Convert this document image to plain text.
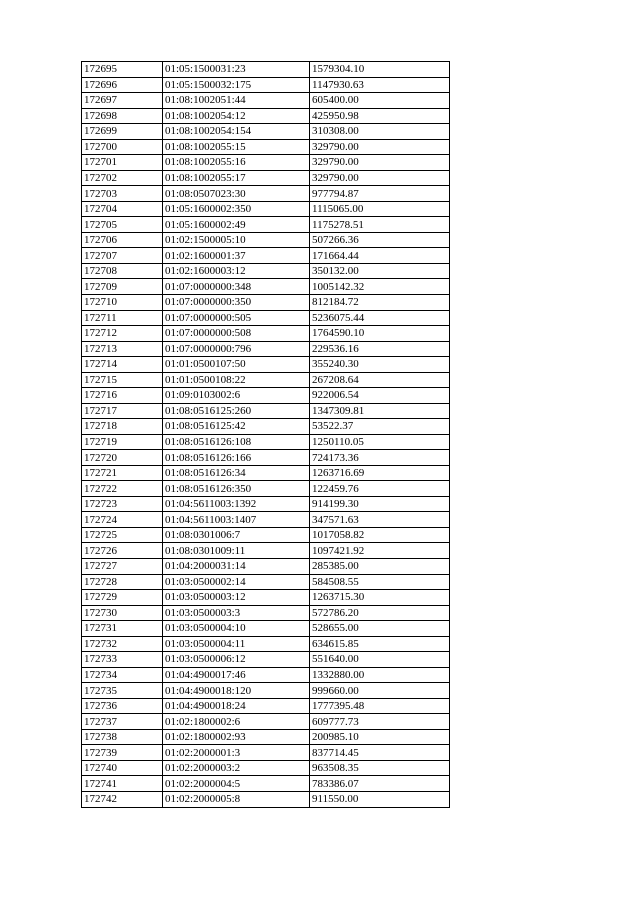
172695	01:05:1500031:23	1579304.10
172696	01:05:1500032:175	1147930.63
172697	01:08:1002051:44	605400.00
172698	01:08:1002054:12	425950.98
172699	01:08:1002054:154	310308.00
172700	01:08:1002055:15	329790.00
172701	01:08:1002055:16	329790.00
172702	01:08:1002055:17	329790.00
172703	01:08:0507023:30	977794.87
172704	01:05:1600002:350	1115065.00
172705	01:05:1600002:49	1175278.51
172706	01:02:1500005:10	507266.36
172707	01:02:1600001:37	171664.44
172708	01:02:1600003:12	350132.00
172709	01:07:0000000:348	1005142.32
172710	01:07:0000000:350	812184.72
172711	01:07:0000000:505	5236075.44
172712	01:07:0000000:508	1764590.10
172713	01:07:0000000:796	229536.16
172714	01:01:0500107:50	355240.30
172715	01:01:0500108:22	267208.64
172716	01:09:0103002:6	922006.54
172717	01:08:0516125:260	1347309.81
172718	01:08:0516125:42	53522.37
172719	01:08:0516126:108	1250110.05
172720	01:08:0516126:166	724173.36
172721	01:08:0516126:34	1263716.69
172722	01:08:0516126:350	122459.76
172723	01:04:5611003:1392	914199.30
172724	01:04:5611003:1407	347571.63
172725	01:08:0301006:7	1017058.82
172726	01:08:0301009:11	1097421.92
172727	01:04:2000031:14	285385.00
172728	01:03:0500002:14	584508.55
172729	01:03:0500003:12	1263715.30
172730	01:03:0500003:3	572786.20
172731	01:03:0500004:10	528655.00
172732	01:03:0500004:11	634615.85
172733	01:03:0500006:12	551640.00
172734	01:04:4900017:46	1332880.00
172735	01:04:4900018:120	999660.00
172736	01:04:4900018:24	1777395.48
172737	01:02:1800002:6	609777.73
172738	01:02:1800002:93	200985.10
172739	01:02:2000001:3	837714.45
172740	01:02:2000003:2	963508.35
172741	01:02:2000004:5	783386.07
172742	01:02:2000005:8	911550.00
